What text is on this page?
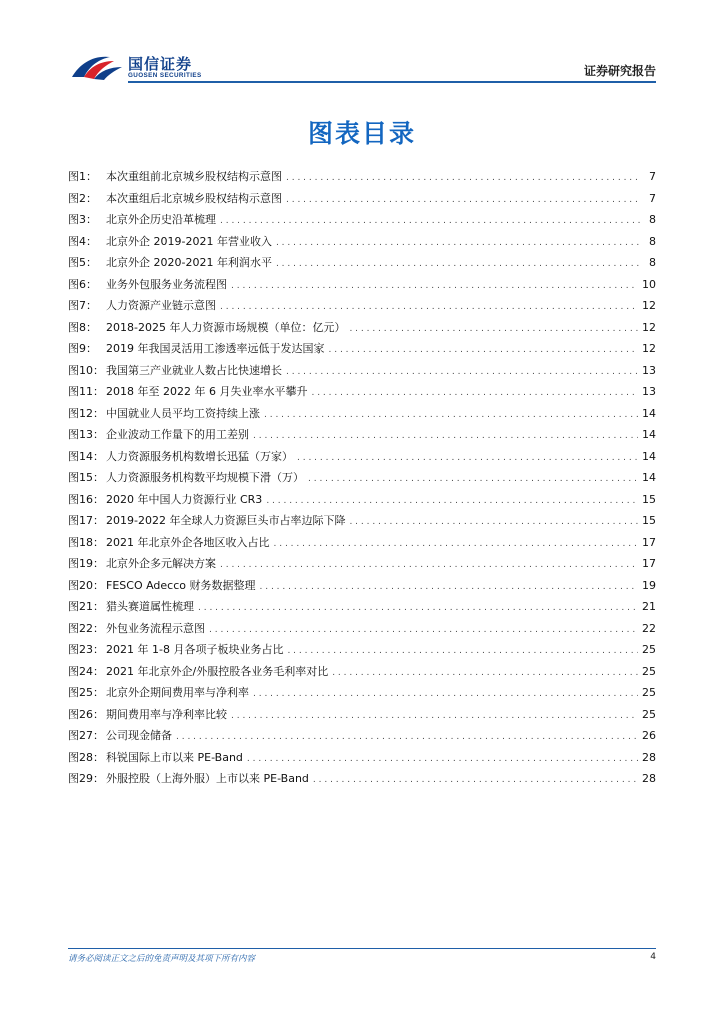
国信证券
GUOSEN SECURITIES	证券研究报告
图表目录
图1： 本次重组前北京城乡股权结构示意图 . . .	7
图2： 本次重组后北京城乡股权结构示意图 . . .	7
图3： 北京外企历史沿革梳理 . . .	8
图4： 北京外企 2019-2021 年营业收入 . . .	8
图5： 北京外企 2020-2021 年利润水平 . . .	8
图6： 业务外包服务业务流程图 . . .	10
图7： 人力资源产业链示意图 . . .	12
图8： 2018-2025 年人力资源市场规模（单位：亿元） . . .	12
图9： 2019 年我国灵活用工渗透率远低于发达国家 . . .	12
图10： 我国第三产业就业人数占比快速增长 . . .	13
图11： 2018 年至 2022 年 6 月失业率水平攀升 . . .	13
图12： 中国就业人员平均工资持续上涨 . . .	14
图13： 企业波动工作量下的用工差别 . . .	14
图14： 人力资源服务机构数增长迅猛（万家） . . .	14
图15： 人力资源服务机构数平均规模下滑（万） . . .	14
图16： 2020 年中国人力资源行业 CR3 . . .	15
图17： 2019-2022 年全球人力资源巨头市占率边际下降 . . .	15
图18： 2021 年北京外企各地区收入占比 . . .	17
图19： 北京外企多元解决方案 . . .	17
图20： FESCO Adecco 财务数据整理 . . .	19
图21： 猎头赛道属性梳理 . . .	21
图22： 外包业务流程示意图 . . .	22
图23： 2021 年 1-8 月各项子板块业务占比 . . .	25
图24： 2021 年北京外企/外服控股各业务毛利率对比 . . .	25
图25： 北京外企期间费用率与净利率 . . .	25
图26： 期间费用率与净利率比较 . . .	25
图27： 公司现金储备 . . .	26
图28： 科锐国际上市以来 PE-Band . . .	28
图29： 外服控股（上海外服）上市以来 PE-Band . . .	28
请务必阅读正文之后的免责声明及其项下所有内容	4
